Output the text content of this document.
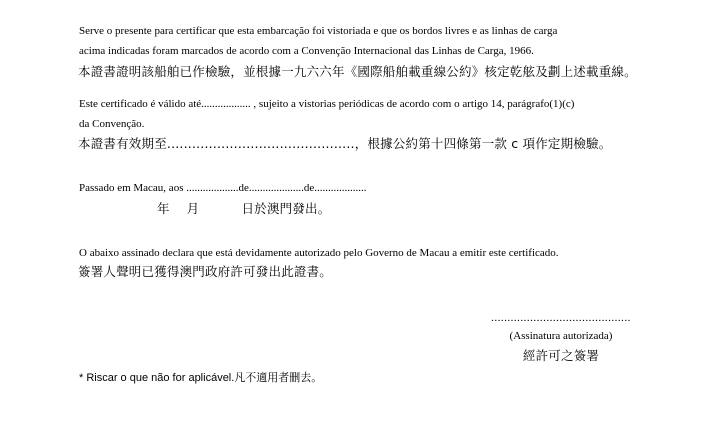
Serve o presente para certificar que esta embarcação foi vistoriada e que os bordos livres e as linhas de carga
acima indicadas foram marcados de acordo com a Convenção Internacional das Linhas de Carga, 1966.
本證書證明該船舶已作檢驗，並根據一九六六年《國際船舶載重線公約》核定乾舷及劃上述載重線。
Este certificado é válido até.................. , sujeito a vistorias periódicas de acordo com o artigo 14, parágrafo(1)(c)
da Convenção.
本證書有效期至.............................................，根據公約第十四條第一款 c 項作定期檢驗。
Passado em Macau, aos ...................de....................de...................
年　 月　　　 日於澳門發出。
O abaixo assinado declara que está devidamente autorizado pelo Governo de Macau a emitir este certificado.
簽署人聲明已獲得澳門政府許可發出此證書。
...........................................
(Assinatura autorizada)
經許可之簽署
* Riscar o que não for aplicável.凡不適用者刪去。
